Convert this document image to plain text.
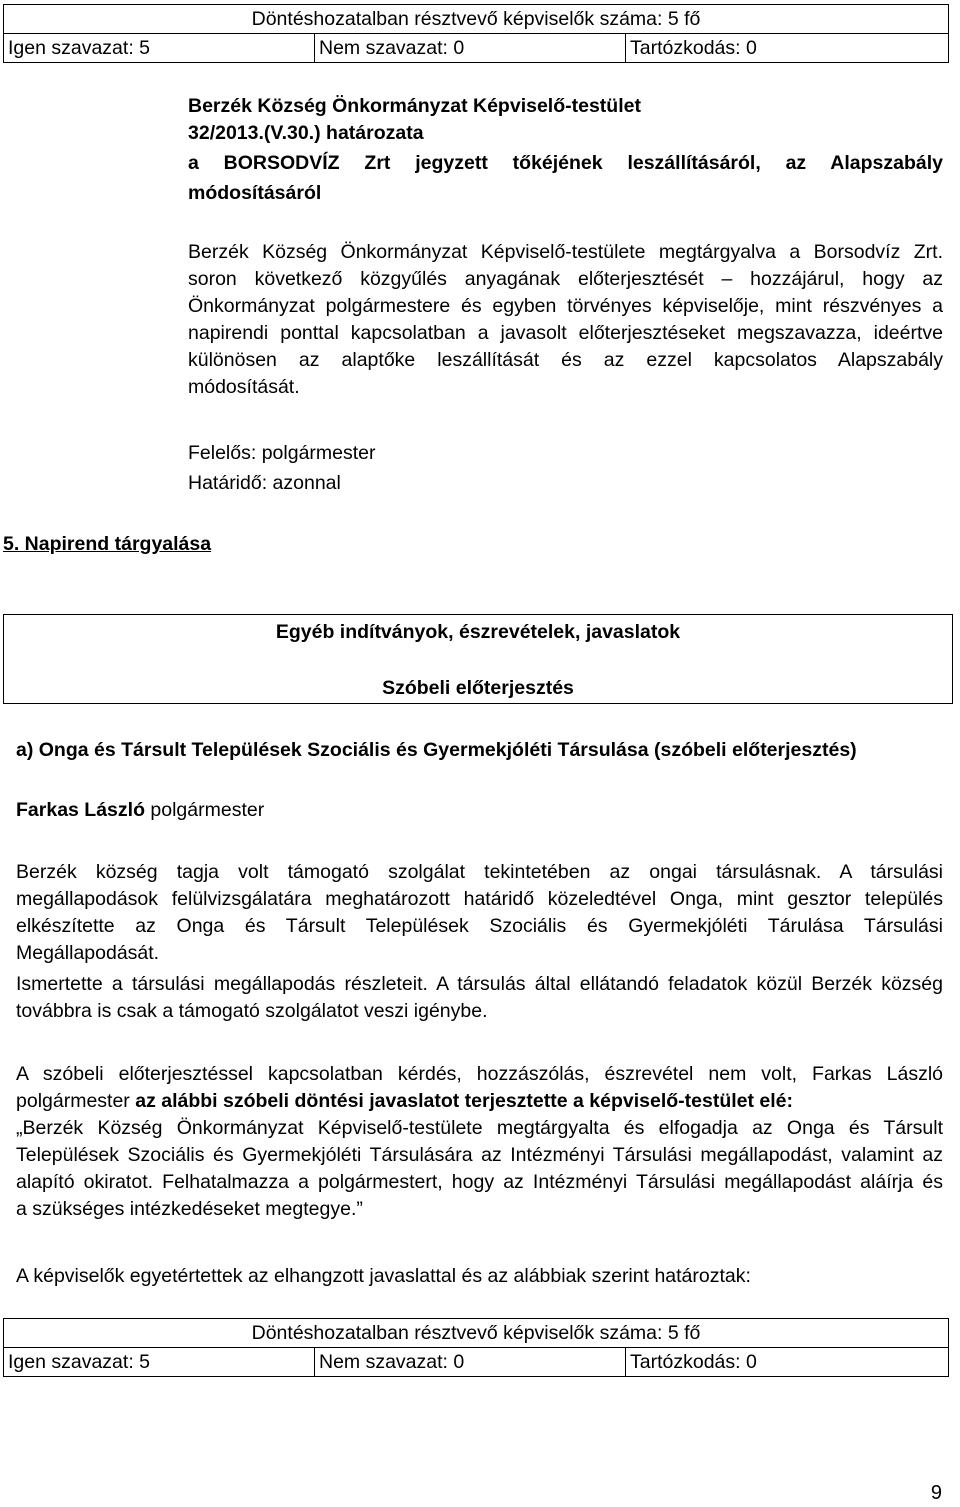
Döntéshozatalban résztvevő képviselők száma: 5 fő
Igen szavazat: 5	Nem szavazat: 0	Tartózkodás: 0
Berzék Község Önkormányzat Képviselő-testület
32/2013.(V.30.) határozata
a BORSODVÍZ Zrt jegyzett tőkéjének leszállításáról, az Alapszabály
módosításáról
Berzék Község Önkormányzat Képviselő-testülete megtárgyalva a Borsodvíz Zrt.
soron következő közgyűlés anyagának előterjesztését – hozzájárul, hogy az
Önkormányzat polgármestere és egyben törvényes képviselője, mint részvényes a
napirendi ponttal kapcsolatban a javasolt előterjesztéseket megszavazza, ideértve
különösen az alaptőke leszállítását és az ezzel kapcsolatos Alapszabály
módosítását.
Felelős: polgármester
Határidő: azonnal
5. Napirend tárgyalása
Egyéb indítványok, észrevételek, javaslatok
Szóbeli előterjesztés
a) Onga és Társult Települések Szociális és Gyermekjóléti Társulása (szóbeli előterjesztés)
Farkas László polgármester
Berzék község tagja volt támogató szolgálat tekintetében az ongai társulásnak. A társulási
megállapodások felülvizsgálatára meghatározott határidő közeledtével Onga, mint gesztor település
elkészítette az Onga és Társult Települések Szociális és Gyermekjóléti Tárulása Társulási
Megállapodását.
Ismertette a társulási megállapodás részleteit. A társulás által ellátandó feladatok közül Berzék község
továbbra is csak a támogató szolgálatot veszi igénybe.
A szóbeli előterjesztéssel kapcsolatban kérdés, hozzászólás, észrevétel nem volt, Farkas László
polgármester az alábbi szóbeli döntési javaslatot terjesztette a képviselő-testület elé:
„Berzék Község Önkormányzat Képviselő-testülete megtárgyalta és elfogadja az Onga és Társult
Települések Szociális és Gyermekjóléti Társulására az Intézményi Társulási megállapodást, valamint az
alapító okiratot. Felhatalmazza a polgármestert, hogy az Intézményi Társulási megállapodást aláírja és
a szükséges intézkedéseket megtegye.”
A képviselők egyetértettek az elhangzott javaslattal és az alábbiak szerint határoztak:
Döntéshozatalban résztvevő képviselők száma: 5 fő
Igen szavazat: 5	Nem szavazat: 0	Tartózkodás: 0
9
